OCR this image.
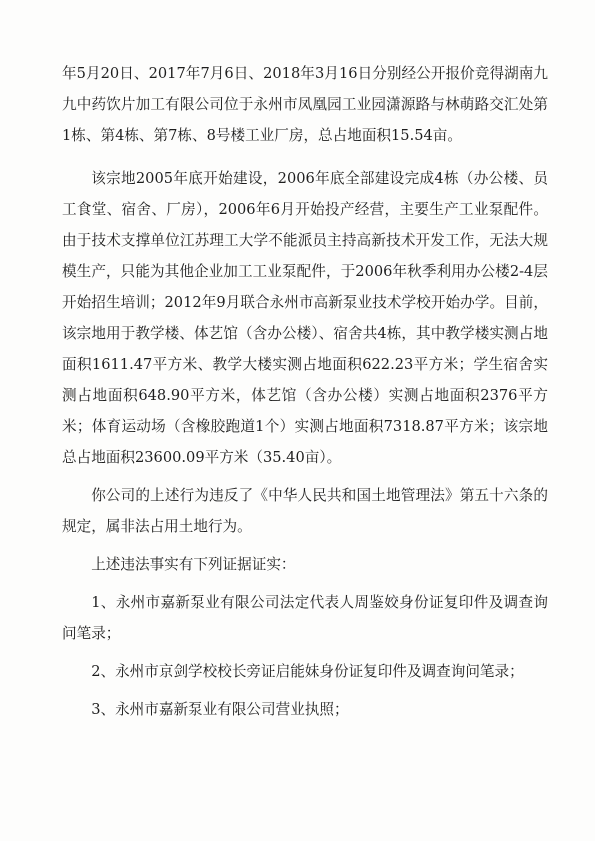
年5月20日、2017年7月6日、2018年3月16日分别经公开报价竞得湖南九九中药饮片加工有限公司位于永州市凤凰园工业园潇源路与林萌路交汇处第1栋、第4栋、第7栋、8号楼工业厂房，总占地面积15.54亩。

该宗地2005年底开始建设，2006年底全部建设完成4栋（办公楼、员工食堂、宿舍、厂房），2006年6月开始投产经营，主要生产工业泵配件。由于技术支撑单位江苏理工大学不能派员主持高新技术开发工作，无法大规模生产，只能为其他企业加工工业泵配件，于2006年秋季利用办公楼2-4层开始招生培训；2012年9月联合永州市高新泵业技术学校开始办学。目前，该宗地用于教学楼、体艺馆（含办公楼）、宿舍共4栋，其中教学楼实测占地面积1611.47平方米、教学大楼实测占地面积622.23平方米；学生宿舍实测占地面积648.90平方米，体艺馆（含办公楼）实测占地面积2376平方米；体育运动场（含橡胶跑道1个）实测占地面积7318.87平方米；该宗地总占地面积23600.09平方米（35.40亩）。

你公司的上述行为违反了《中华人民共和国土地管理法》第五十六条的规定，属非法占用土地行为。

上述违法事实有下列证据证实：

1、永州市嘉新泵业有限公司法定代表人周鉴姣身份证复印件及调查询问笔录；

2、永州市京剑学校校长旁证启能妹身份证复印件及调查询问笔录；

3、永州市嘉新泵业有限公司营业执照；
